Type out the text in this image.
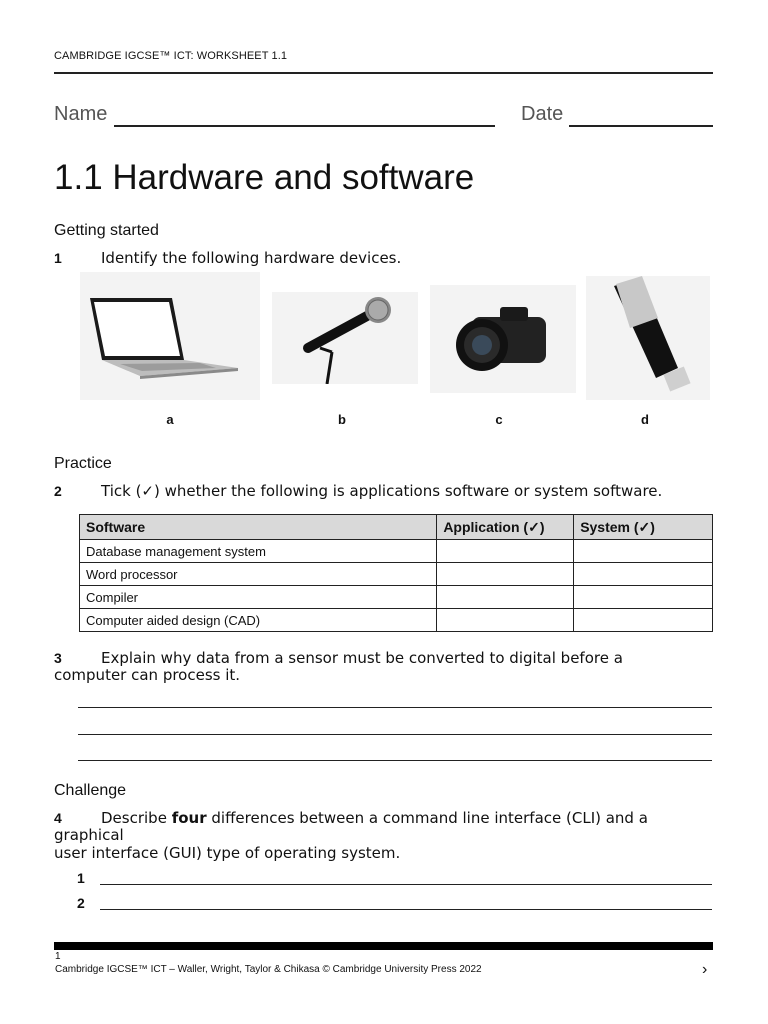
CAMBRIDGE IGCSE™ ICT: WORKSHEET 1.1
Name	Date
1.1 Hardware and software
Getting started
1	Identify the following hardware devices.
a	b	c	d
Practice
2	Tick (✓) whether the following is applications software or system software.
Software	Application (✓)	System (✓)
Database management system		
Word processor		
Compiler		
Computer aided design (CAD)		
3	Explain why data from a sensor must be converted to digital before a
computer can process it.
Challenge
4	Describe four differences between a command line interface (CLI) and a
graphical
user interface (GUI) type of operating system.
1
2
1
Cambridge IGCSE™ ICT – Waller, Wright, Taylor & Chikasa © Cambridge University Press 2022	›
